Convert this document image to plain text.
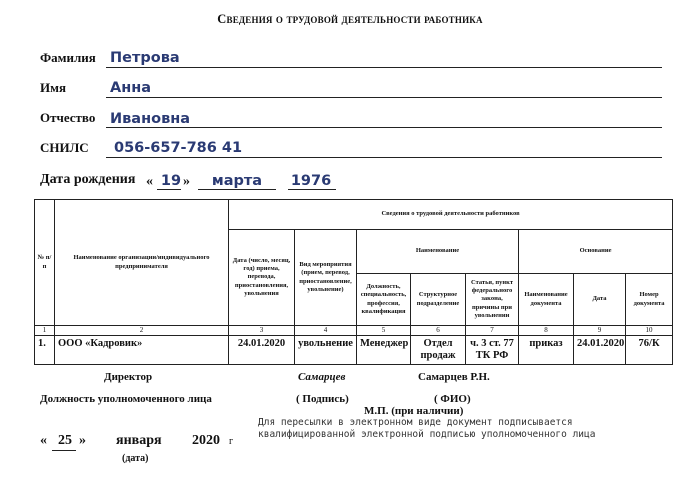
Сведения о трудовой деятельности работника
Фамилия Петрова
Имя	Анна
Отчество Ивановна
СНИЛС 056-657-786 41
Дата рождения « 19 »	марта	1976
№ п/п	Наименование организации/индивидуального предпринимателя	Сведения о трудовой деятельности работников							
		Дата (число, месяц, год) приема, перевода, приостановления, увольнения	Вид мероприятия (прием, перевод, приостановление, увольнение)	Наименование			Основание		
				Должность, специальность, профессия, квалификация	Структурное подразделение	Статья, пункт федерального закона, причины при увольнении	Наименование документа	Дата	Номер документа
1	2	3	4	5	6	7	8	9	10
1.	ООО «Кадровик»	24.01.2020	увольнение	Менеджер	Отдел продаж	ч. 3 ст. 77 ТК РФ	приказ	24.01.2020	76/К
Директор	Самарцев	Самарцев Р.Н.
Должность уполномоченного лица	( Подпись)	( ФИО)
М.П. (при наличии)
« 25 » января 2020 г
(дата)
Для пересылки в электронном виде документ подписывается квалифицированной электронной подписью уполномоченного лица
